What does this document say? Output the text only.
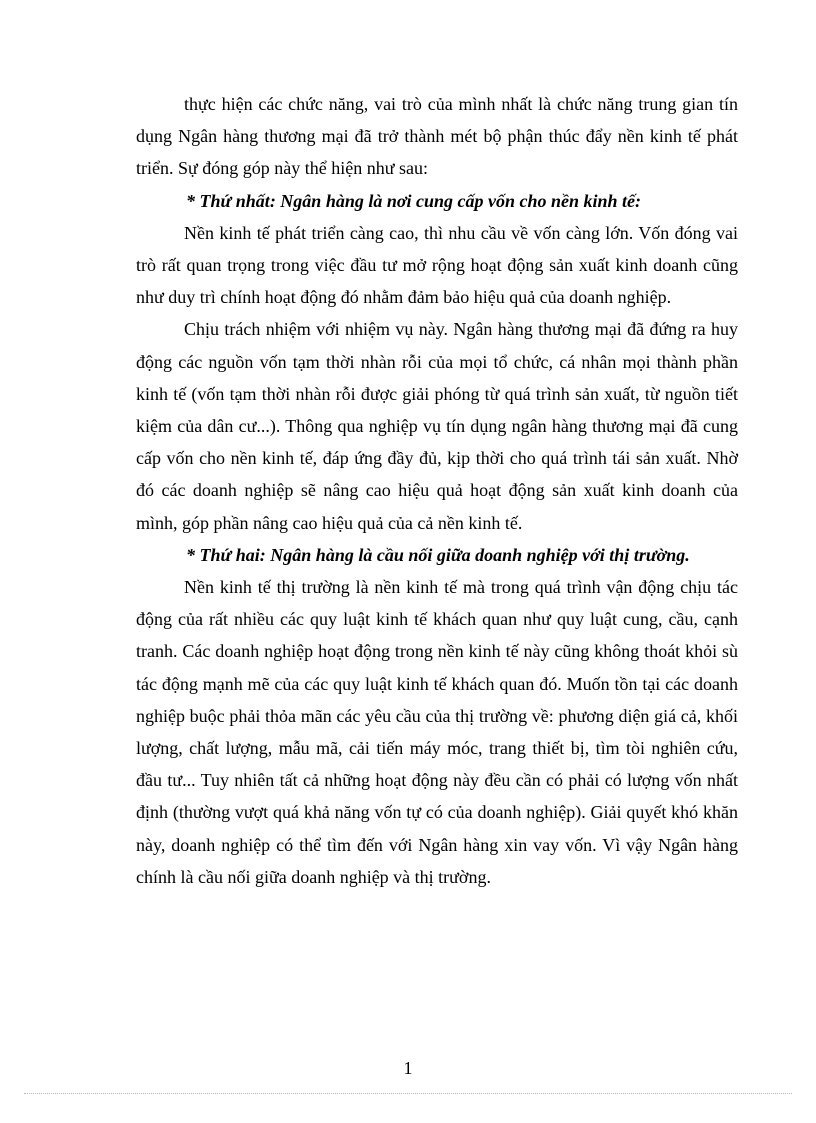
thực hiện các chức năng, vai trò của mình nhất là chức năng trung gian tín dụng Ngân hàng thương mại đã trở thành mét bộ phận thúc đẩy nền kinh tế phát triển. Sự đóng góp này thể hiện như sau:

* Thứ nhất: Ngân hàng là nơi cung cấp vốn cho nền kinh tế:

Nền kinh tế phát triển càng cao, thì nhu cầu về vốn càng lớn. Vốn đóng vai trò rất quan trọng trong việc đầu tư mở rộng hoạt động sản xuất kinh doanh cũng như duy trì chính hoạt động đó nhằm đảm bảo hiệu quả của doanh nghiệp.

Chịu trách nhiệm với nhiệm vụ này. Ngân hàng thương mại đã đứng ra huy động các nguồn vốn tạm thời nhàn rỗi của mọi tổ chức, cá nhân mọi thành phần kinh tế (vốn tạm thời nhàn rỗi được giải phóng từ quá trình sản xuất, từ nguồn tiết kiệm của dân cư...). Thông qua nghiệp vụ tín dụng ngân hàng thương mại đã cung cấp vốn cho nền kinh tế, đáp ứng đầy đủ, kịp thời cho quá trình tái sản xuất. Nhờ đó các doanh nghiệp sẽ nâng cao hiệu quả hoạt động sản xuất kinh doanh của mình, góp phần nâng cao hiệu quả của cả nền kinh tế.

* Thứ hai: Ngân hàng là cầu nối giữa doanh nghiệp với thị trường.

Nền kinh tế thị trường là nền kinh tế mà trong quá trình vận động chịu tác động của rất nhiều các quy luật kinh tế khách quan như quy luật cung, cầu, cạnh tranh. Các doanh nghiệp hoạt động trong nền kinh tế này cũng không thoát khỏi sù tác động mạnh mẽ của các quy luật kinh tế khách quan đó. Muốn tồn tại các doanh nghiệp buộc phải thỏa mãn các yêu cầu của thị trường về: phương diện giá cả, khối lượng, chất lượng, mẫu mã, cải tiến máy móc, trang thiết bị, tìm tòi nghiên cứu, đầu tư... Tuy nhiên tất cả những hoạt động này đều cần có phải có lượng vốn nhất định (thường vượt quá khả năng vốn tự có của doanh nghiệp). Giải quyết khó khăn này, doanh nghiệp có thể tìm đến với Ngân hàng xin vay vốn. Vì vậy Ngân hàng chính là cầu nối giữa doanh nghiệp và thị trường.

1
